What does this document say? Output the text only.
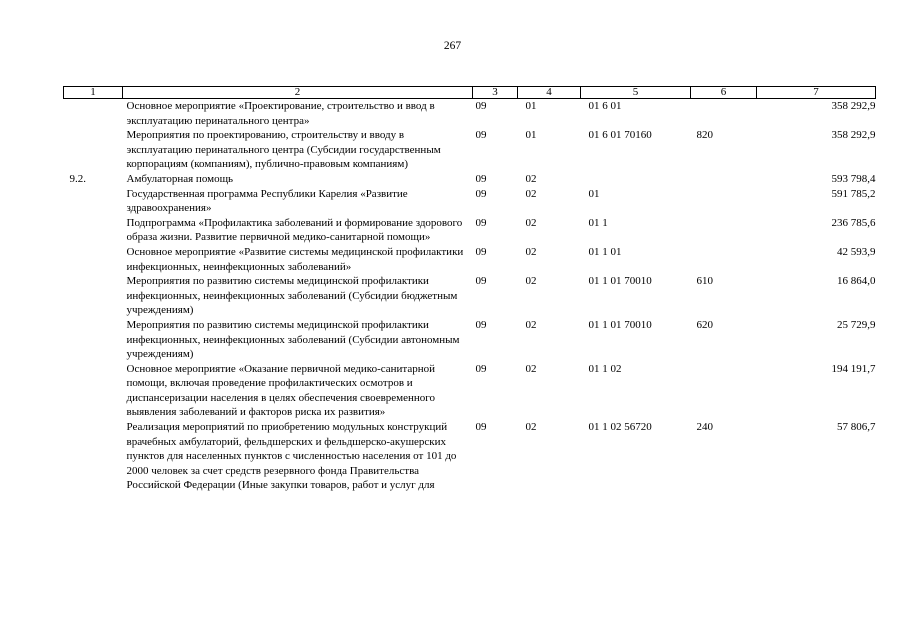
267
1	2	3	4	5	6	7
	Основное мероприятие «Проектирование, строительство и ввод в эксплуатацию перинатального центра»	09	01	01 6 01		358 292,9
	Мероприятия по проектированию, строительству и вводу в эксплуатацию перинатального центра (Субсидии государственным корпорациям (компаниям), публично-правовым компаниям)	09	01	01 6 01 70160	820	358 292,9
9.2.	Амбулаторная помощь	09	02			593 798,4
	Государственная программа Республики Карелия «Развитие здравоохранения»	09	02	01		591 785,2
	Подпрограмма «Профилактика заболеваний и формирование здорового образа жизни. Развитие первичной медико-санитарной помощи»	09	02	01 1		236 785,6
	Основное мероприятие «Развитие системы медицинской профилактики инфекционных, неинфекционных заболеваний»	09	02	01 1 01		42 593,9
	Мероприятия по развитию системы медицинской профилактики инфекционных, неинфекционных заболеваний (Субсидии бюджетным учреждениям)	09	02	01 1 01 70010	610	16 864,0
	Мероприятия по развитию системы медицинской профилактики инфекционных, неинфекционных заболеваний (Субсидии автономным учреждениям)	09	02	01 1 01 70010	620	25 729,9
	Основное мероприятие «Оказание первичной медико-санитарной помощи, включая проведение профилактических осмотров и диспансеризации населения в целях обеспечения своевременного выявления заболеваний и факторов риска их развития»	09	02	01 1 02		194 191,7
	Реализация мероприятий по приобретению модульных конструкций врачебных амбулаторий, фельдшерских и фельдшерско-акушерских пунктов для населенных пунктов с численностью населения от 101 до 2000 человек за счет средств резервного фонда Правительства Российской Федерации (Иные закупки товаров, работ и услуг для	09	02	01 1 02 56720	240	57 806,7
